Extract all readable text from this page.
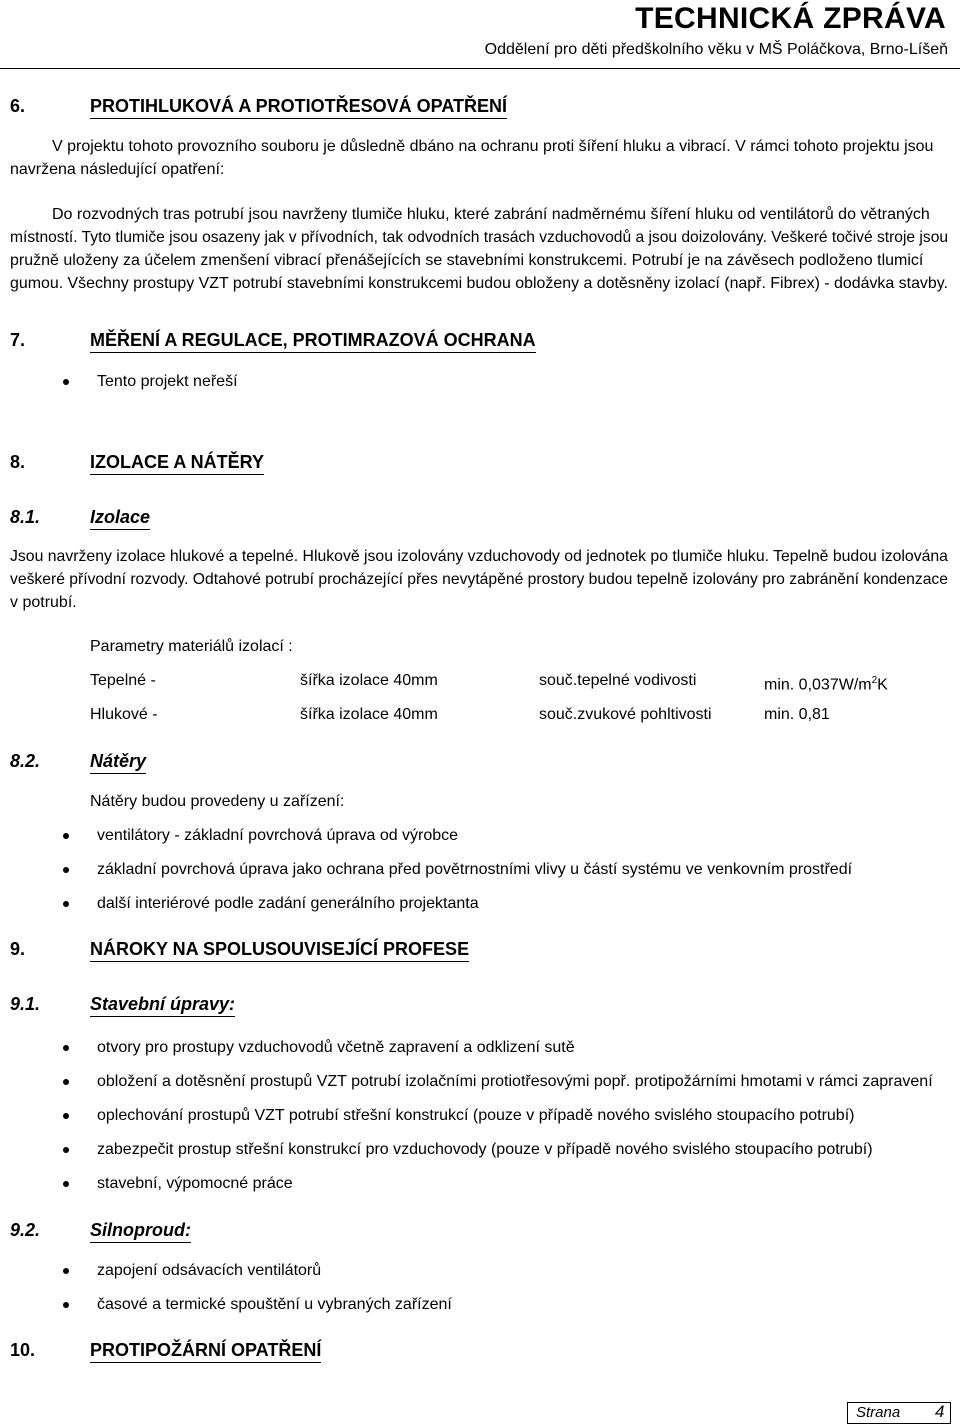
TECHNICKÁ ZPRÁVA
Oddělení pro děti předškolního věku v MŠ Poláčkova, Brno-Líšeň
6.	PROTIHLUKOVÁ A PROTIOTŘESOVÁ OPATŘENÍ
V projektu tohoto provozního souboru je důsledně dbáno na ochranu proti šíření hluku a vibrací. V rámci tohoto projektu jsou
navržena následující opatření:
Do rozvodných tras potrubí jsou navrženy tlumiče hluku, které zabrání nadměrnému šíření hluku od ventilátorů do větraných
místností. Tyto tlumiče jsou osazeny jak v přívodních, tak odvodních trasách vzduchovodů a jsou doizolovány. Veškeré točivé stroje jsou
pružně uloženy za účelem zmenšení vibrací přenášejících se stavebními konstrukcemi. Potrubí je na závěsech podloženo tlumicí
gumou. Všechny prostupy VZT potrubí stavebními konstrukcemi budou obloženy a dotěsněny izolací (např. Fibrex) - dodávka stavby.
7.	MĚŘENÍ A REGULACE, PROTIMRAZOVÁ OCHRANA
Tento projekt neřeší
8.	IZOLACE A NÁTĚRY
8.1.	Izolace
Jsou navrženy izolace hlukové a tepelné. Hlukově jsou izolovány vzduchovody od jednotek po tlumiče hluku. Tepelně budou izolována
veškeré přívodní rozvody. Odtahové potrubí procházející přes nevytápěné prostory budou tepelně izolovány pro zabránění kondenzace
v potrubí.
Parametry materiálů izolací :
Tepelné -	šířka izolace 40mm	souč.tepelné vodivosti	min. $0,037W/m^2K$
Hlukové -	šířka izolace 40mm	souč.zvukové pohltivosti	min. 0,81
8.2.	Nátěry
Nátěry budou provedeny u zařízení:
ventilátory - základní povrchová úprava od výrobce
základní povrchová úprava jako ochrana před povětrnostními vlivy u částí systému ve venkovním prostředí
další interiérové podle zadání generálního projektanta
9.	NÁROKY NA SPOLUSOUVISEJÍCÍ PROFESE
9.1.	Stavební úpravy:
otvory pro prostupy vzduchovodů včetně zapravení a odklizení sutě
obložení a dotěsnění prostupů VZT potrubí izolačními protiotřesovými popř. protipožárními hmotami v rámci zapravení
oplechování prostupů VZT potrubí střešní konstrukcí (pouze v případě nového svislého stoupacího potrubí)
zabezpečit prostup střešní konstrukcí pro vzduchovody (pouze v případě nového svislého stoupacího potrubí)
stavební, výpomocné práce
9.2.	Silnoproud:
zapojení odsávacích ventilátorů
časové a termické spouštění u vybraných zařízení
10.	PROTIPOŽÁRNÍ OPATŘENÍ
Strana 4
